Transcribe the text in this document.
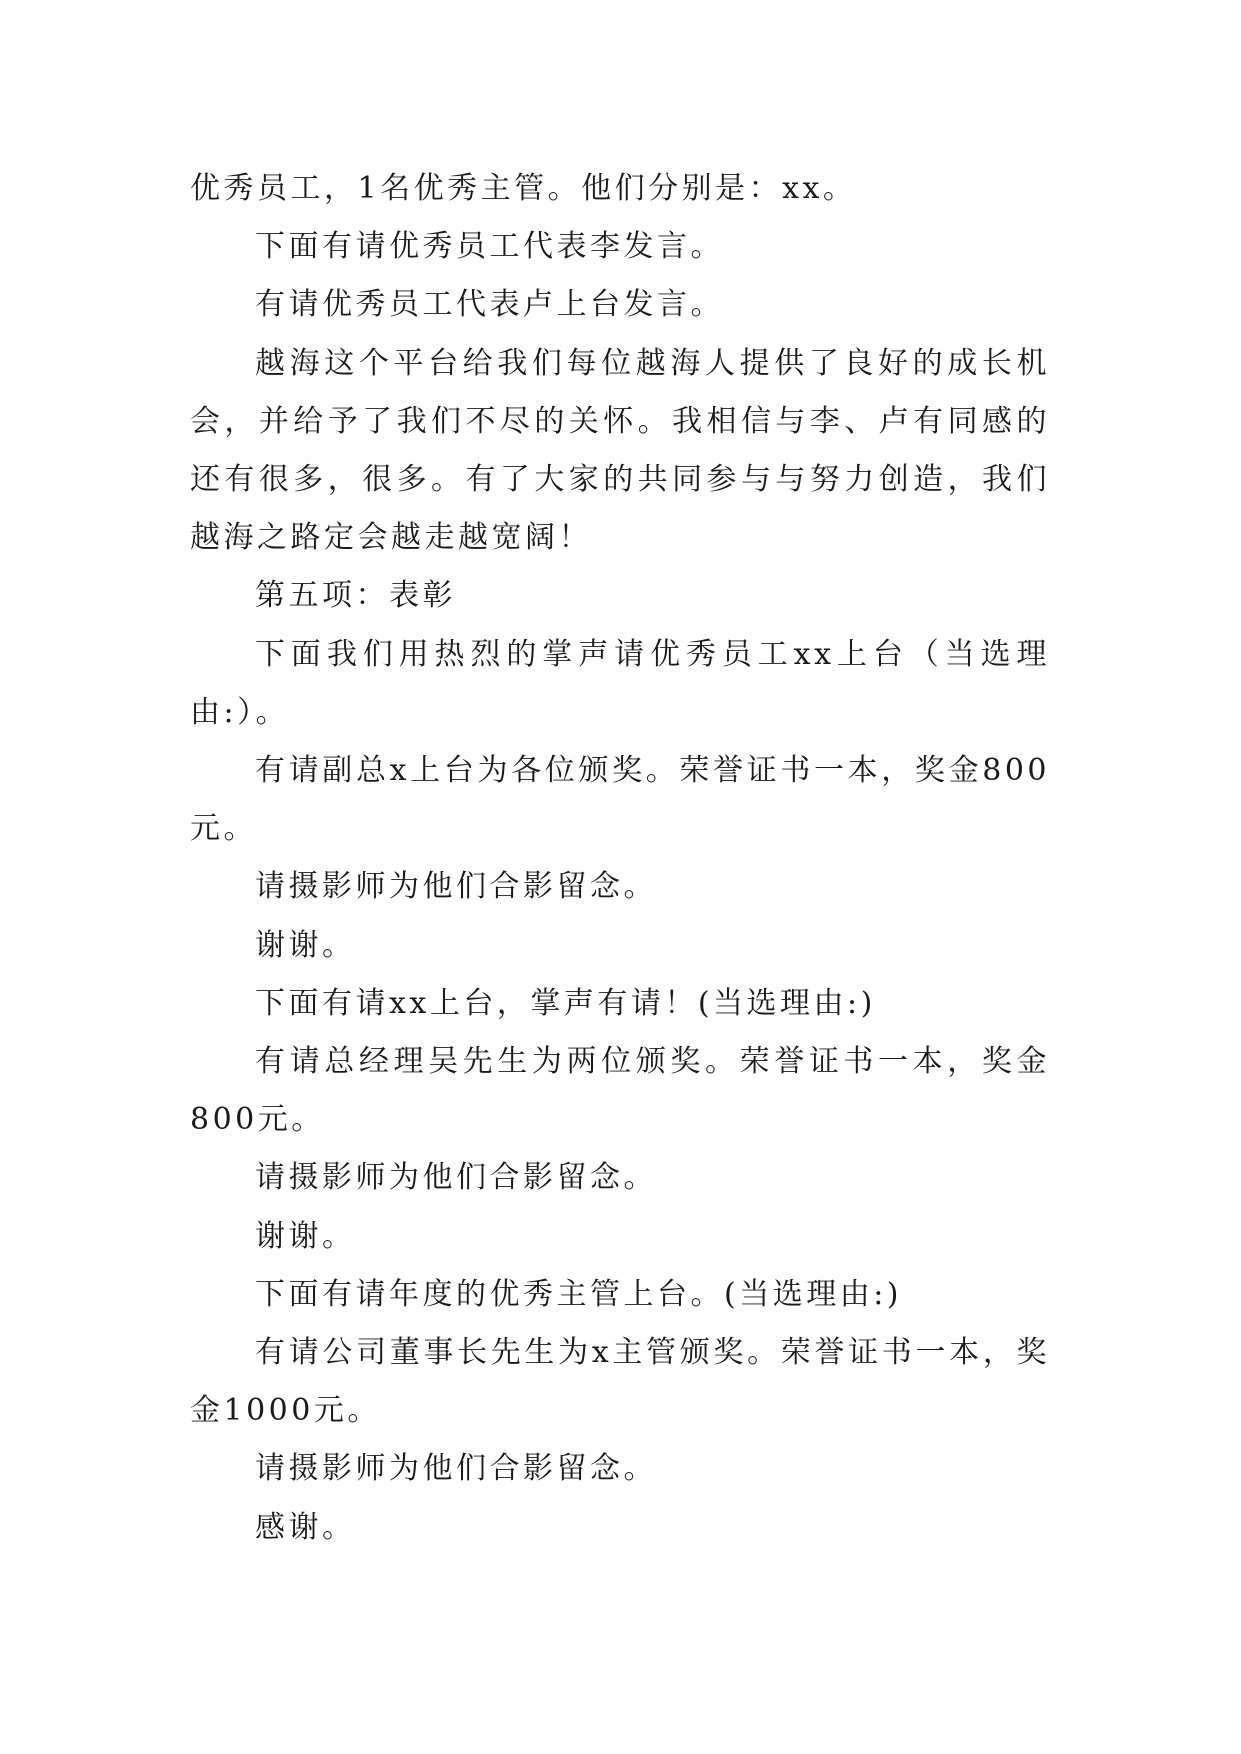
优秀员工，1名优秀主管。他们分别是：xx。

下面有请优秀员工代表李发言。

有请优秀员工代表卢上台发言。

越海这个平台给我们每位越海人提供了良好的成长机会，并给予了我们不尽的关怀。我相信与李、卢有同感的还有很多，很多。有了大家的共同参与与努力创造，我们越海之路定会越走越宽阔！

第五项：表彰

下面我们用热烈的掌声请优秀员工xx上台（当选理由:）。

有请副总x上台为各位颁奖。荣誉证书一本，奖金800元。

请摄影师为他们合影留念。

谢谢。

下面有请xx上台，掌声有请！(当选理由:)

有请总经理吴先生为两位颁奖。荣誉证书一本，奖金800元。

请摄影师为他们合影留念。

谢谢。

下面有请年度的优秀主管上台。(当选理由:)

有请公司董事长先生为x主管颁奖。荣誉证书一本，奖金1000元。

请摄影师为他们合影留念。

感谢。
